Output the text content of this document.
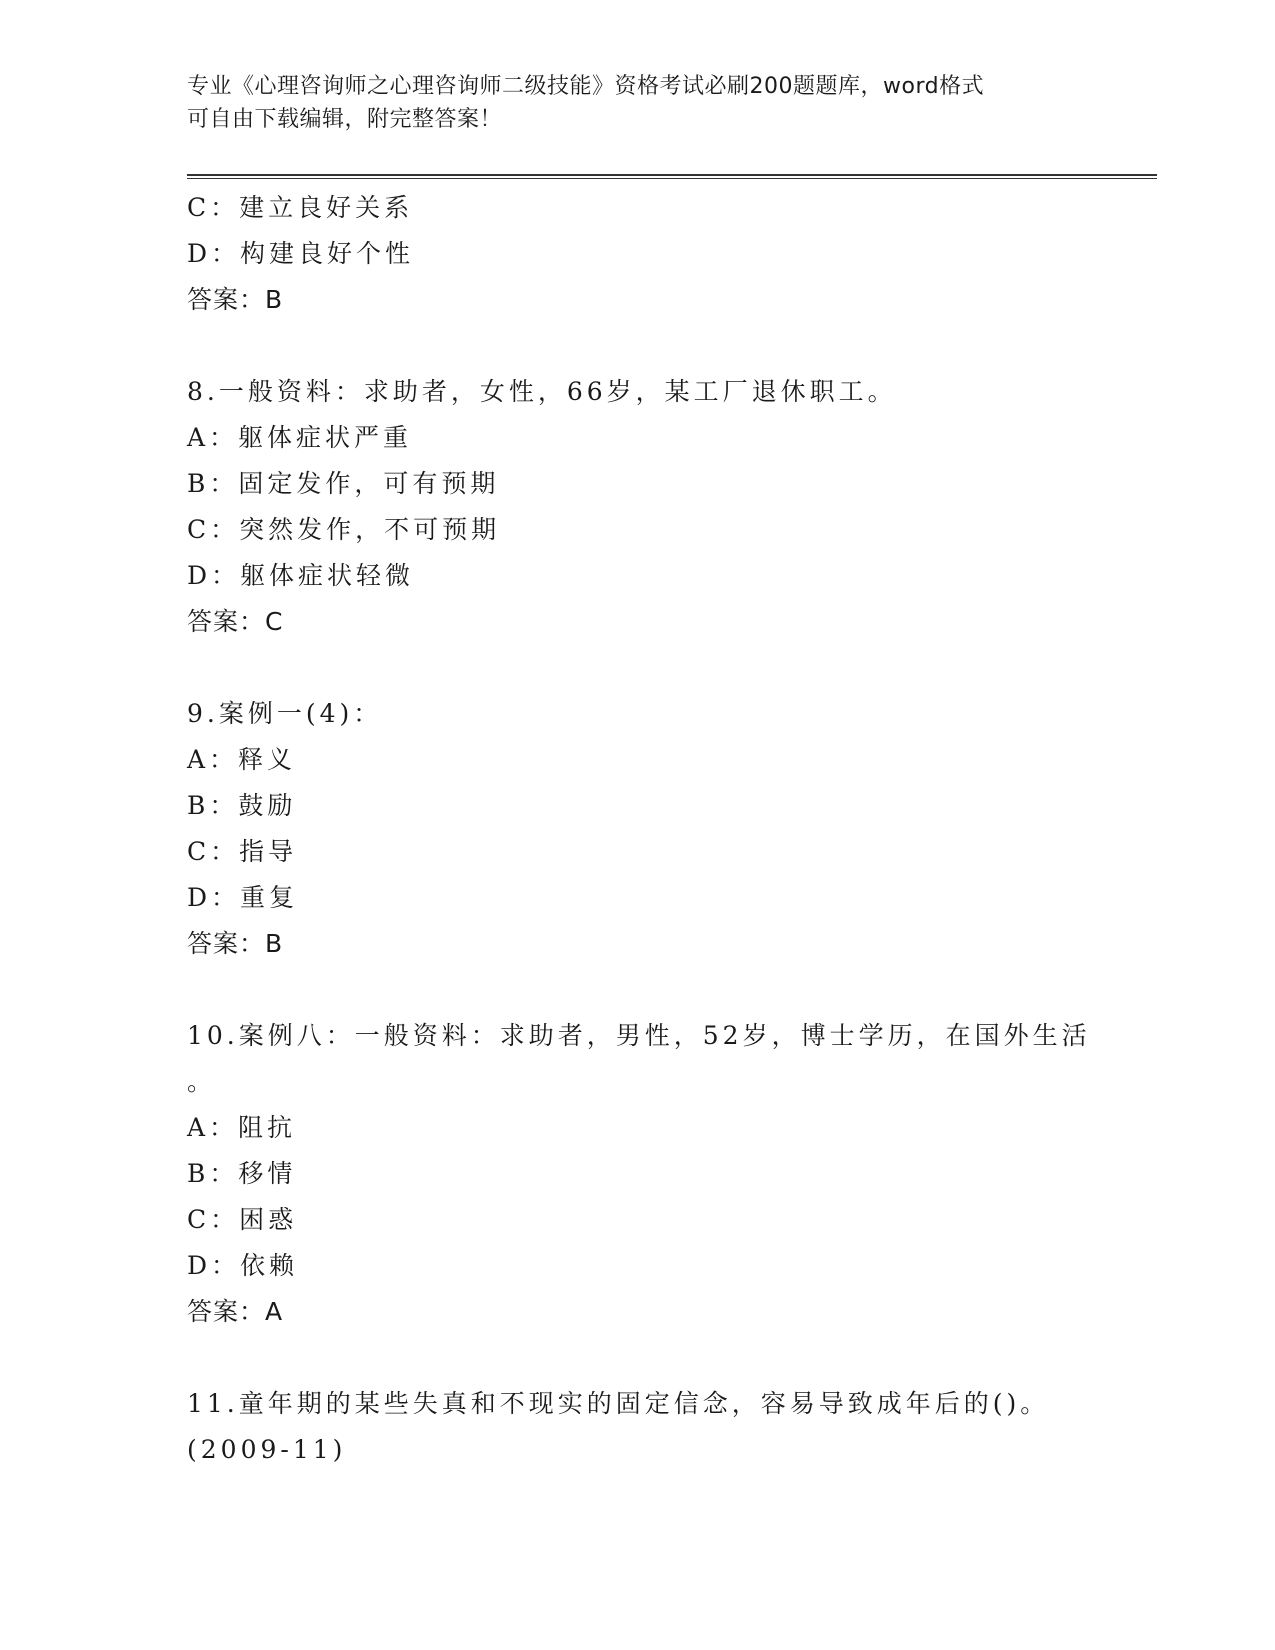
专业《心理咨询师之心理咨询师二级技能》资格考试必刷200题题库，word格式
可自由下载编辑，附完整答案！
C：建立良好关系
D：构建良好个性
答案：B
8.一般资料：求助者，女性，66岁，某工厂退休职工。
A：躯体症状严重
B：固定发作，可有预期
C：突然发作，不可预期
D：躯体症状轻微
答案：C
9.案例一(4)：
A：释义
B：鼓励
C：指导
D：重复
答案：B
10.案例八：一般资料：求助者，男性，52岁，博士学历，在国外生活
。
A：阻抗
B：移情
C：困惑
D：依赖
答案：A
11.童年期的某些失真和不现实的固定信念，容易导致成年后的()。
(2009-11)
